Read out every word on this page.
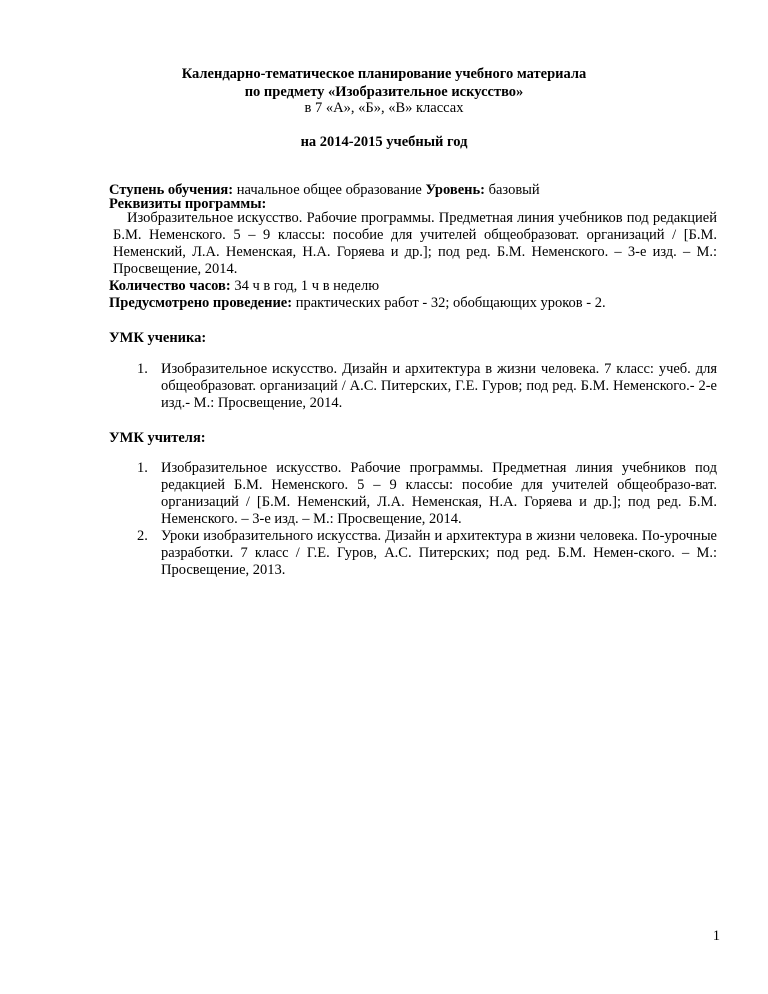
Календарно-тематическое планирование учебного материала
по предмету «Изобразительное искусство»
в 7 «А», «Б», «В» классах
на 2014-2015 учебный год
Ступень обучения: начальное общее образование Уровень: базовый
Реквизиты программы:
Изобразительное искусство. Рабочие программы. Предметная линия учебников под редакцией Б.М. Неменского. 5 – 9 классы: пособие для учителей общеобразоват. организаций / [Б.М. Неменский, Л.А. Неменская, Н.А. Горяева и др.]; под ред. Б.М. Неменского. – 3-е изд. – М.: Просвещение, 2014.
Количество часов: 34 ч в год, 1 ч в неделю
Предусмотрено проведение: практических работ - 32; обобщающих уроков - 2.
УМК ученика:
1. Изобразительное искусство. Дизайн и архитектура в жизни человека. 7 класс: учеб. для общеобразоват. организаций / А.С. Питерских, Г.Е. Гуров; под ред. Б.М. Неменского.- 2-е изд.- М.: Просвещение, 2014.
УМК учителя:
1. Изобразительное искусство. Рабочие программы. Предметная линия учебников под редакцией Б.М. Неменского. 5 – 9 классы: пособие для учителей общеобразо-ват. организаций / [Б.М. Неменский, Л.А. Неменская, Н.А. Горяева и др.]; под ред. Б.М. Неменского. – 3-е изд. – М.: Просвещение, 2014.
2. Уроки изобразительного искусства. Дизайн и архитектура в жизни человека. По-урочные разработки. 7 класс / Г.Е. Гуров, А.С. Питерских; под ред. Б.М. Немен-ского. – М.: Просвещение, 2013.
1
